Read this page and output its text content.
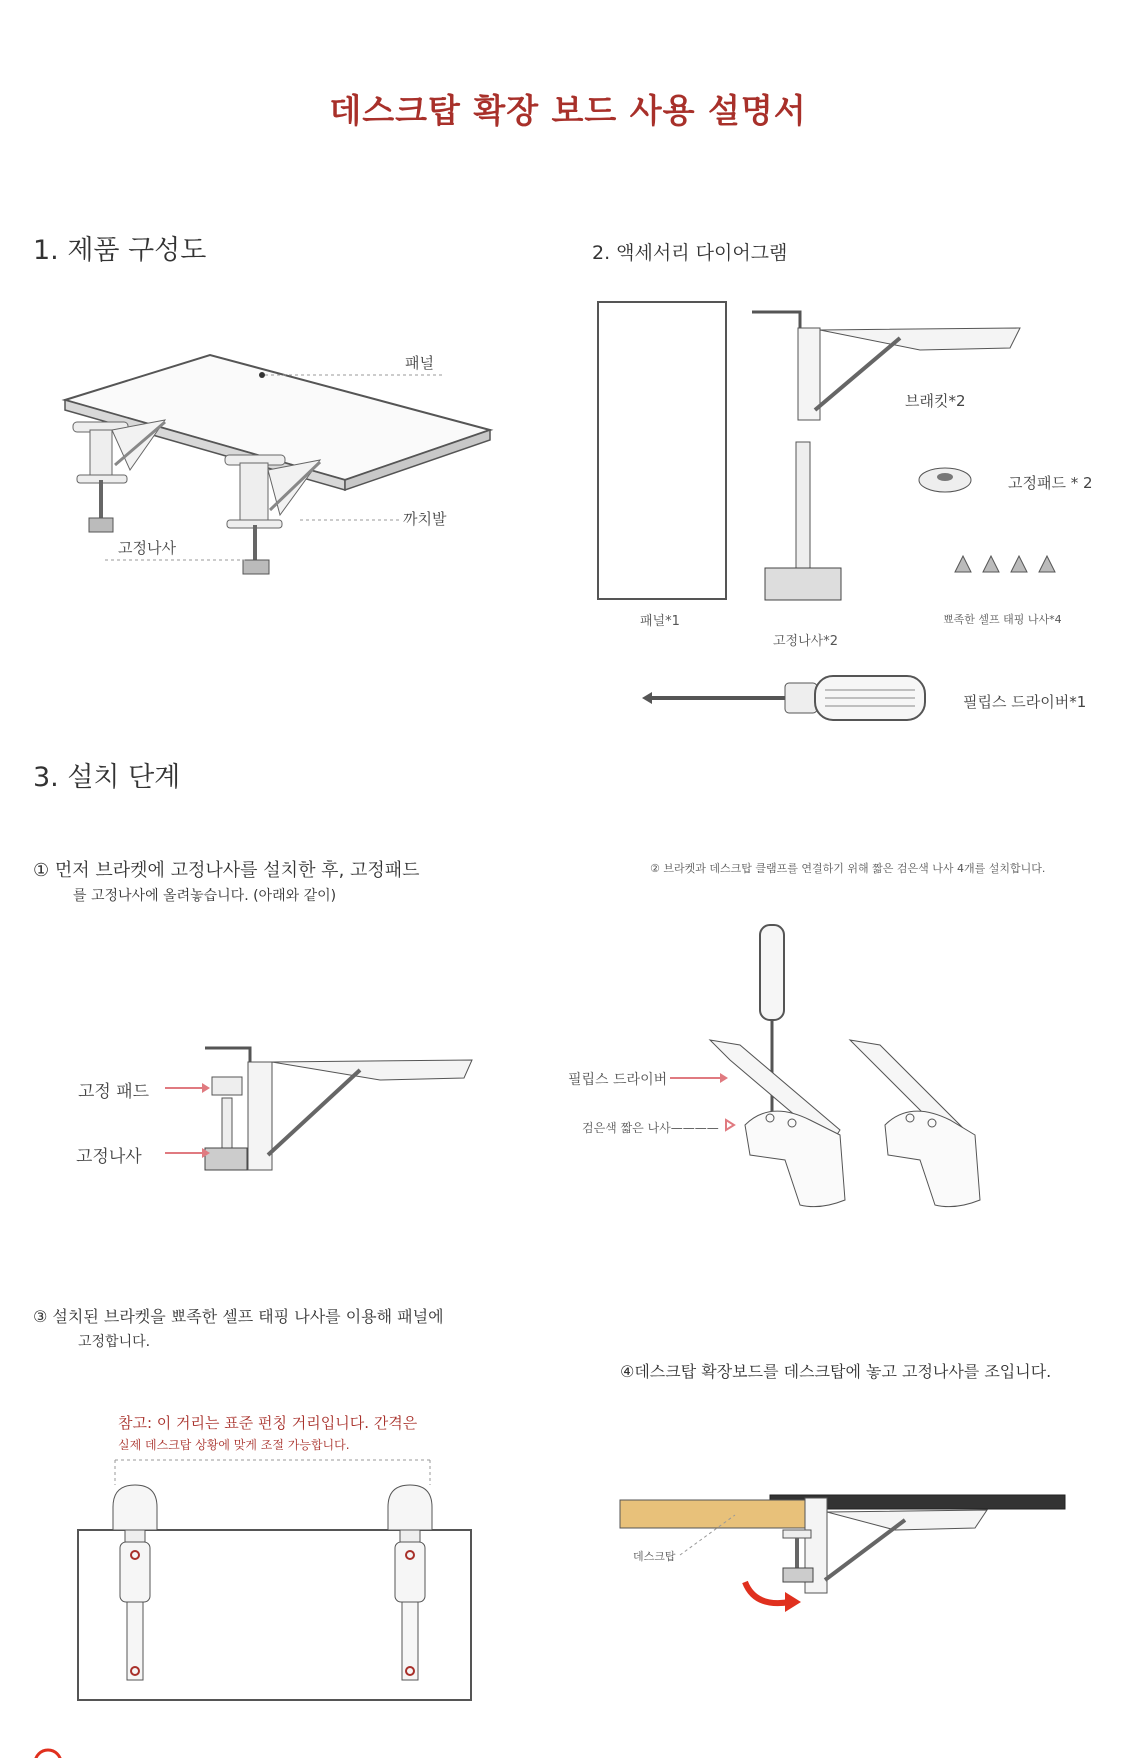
데스크탑 확장 보드 사용 설명서
1. 제품 구성도
패널
까치발
고정나사
2. 액세서리 다이어그램
브래킷*2
고정패드 * 2
패널*1
고정나사*2
뾰족한 셀프 태핑 나사*4
필립스 드라이버*1
3. 설치 단계
① 먼저 브라켓에 고정나사를 설치한 후, 고정패드
를 고정나사에 올려놓습니다. (아래와 같이)
고정 패드
고정나사
② 브라켓과 데스크탑 클램프를 연결하기 위해 짧은 검은색 나사 4개를 설치합니다.
필립스 드라이버
검은색 짧은 나사————
③ 설치된 브라켓을 뾰족한 셀프 태핑 나사를 이용해 패널에
고정합니다.
참고: 이 거리는 표준 펀칭 거리입니다. 간격은
실제 데스크탑 상황에 맞게 조절 가능합니다.
④데스크탑 확장보드를 데스크탑에 놓고 고정나사를 조입니다.
데스크탑
